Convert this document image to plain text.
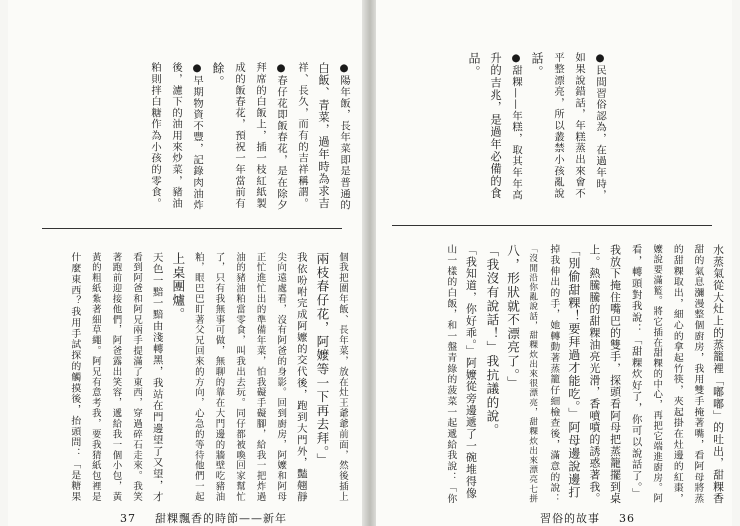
●陽年飯，長年菜即是普通的
白飯、青菜，過年時為求吉
祥、長久，而有的吉祥稱謂。
●春仔花即飯春花，是在除夕
拜席的白飯上，插一枝紅紙製
成的飯春花，預祝一年當前有
餘。
●早期物資不豐，記錄肉油炸
後，濾下的油用來炒菜，豬油
粕則拌白糖作為小孩的零食。
個我把圍年飯、長年菜，放在灶王爺爺前面，然後插上
兩枝春仔花，阿嬤等一下再去拜。」
我依吩咐完成阿嬤的交代後，跑到大門外，豔翹靜
尖向遠處看，沒有阿爸的身影。回到廚房，阿嬤和阿母
正忙進忙出的準備年菜，怕我礙手礙腳，給我一把炸過
油的豬油粕當零食，叫我出去玩。同仔都被喚回家幫忙
了，只有我無事可做，無聊的靠在大門邊的牆壁吃豬油
粕，眼巴巴盯著父兄回來的方向，心急的等待他們一起
上桌團爐。
天色一黯一黯由淺轉黑，我站在門邊望了又望，才
看到阿爸和阿兄兩手提滿了東西，穿過碎石走來。我笑
著跑前迎接他們，阿爸露出笑容，遞給我一個小包，黃
黃的粗紙紮著細草繩。阿兄有意考我，要我猜紙包裡是
什麼東西？我用手試探的觸摸後，抬頭問：「是糖果
37 甜粿飄香的時節——新年
●民間習俗認為，在過年時，
如果說錯話，年糕蒸出來會不
平整漂亮，所以叢禁小孩亂說
話。
●甜粿——年糕，取其年年高
升的吉兆，是過年必備的食
品。
水蒸氣從大灶上的蒸籠裡「嘟嘟」的吐出，甜粿香
甜的氣息瀰漫整個廚房，我用雙手掩著嘴，看阿母將蒸
的甜粿取出，細心的拿起竹筷，夾起掛在灶邊的紅棗，
嬤說要滿籃。將它插在甜粿的中心，再把它端進廚房。阿
看，轉頭對我說：「甜粿炊好了，你可以說話了。」
我放下掩住嘴巴的雙手，探頭看阿母把蒸籠擺到桌
上。熱騰騰的甜粿油亮光滑，香噴噴的誘惑著我。
「別偷甜粿！要拜過才能吃。」阿母邊說邊打
掉我伸出的手，她轉動著蒸籠仔細檢查後，滿意的說：
「沒閒沿你亂說話，甜粿炊出來很漂亮，甜粿炊出來漂亮七拼
八，形狀就不漂亮了。」
「我沒有說話！」我抗議的說。
「我知道，你好乖。」阿嬤從旁邊遞了一碗堆得像
山一樣的白飯，和一盤青綠的菠菜一起遞給我說：「你
習俗的故事 36
